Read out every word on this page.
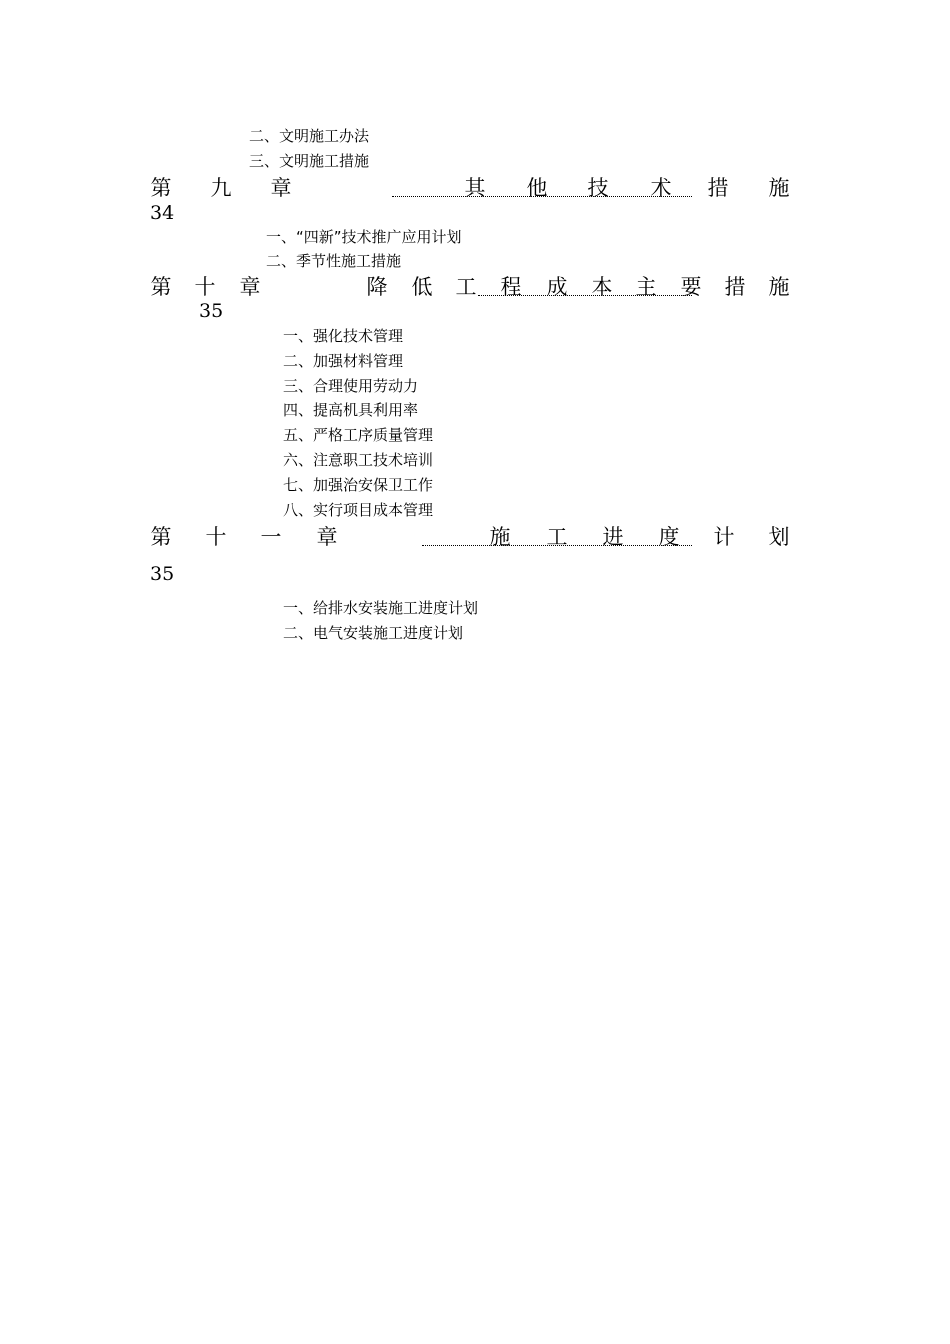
二、文明施工办法
三、文明施工措施
第 九 章	其 他 技 术 措 施
34
一、“四新”技术推广应用计划
二、季节性施工措施
第 十 章	降 低 工 程 成 本 主 要 措 施
35
一、强化技术管理
二、加强材料管理
三、合理使用劳动力
四、提高机具利用率
五、严格工序质量管理
六、注意职工技术培训
七、加强治安保卫工作
八、实行项目成本管理
第 十 一 章	施 工 进 度 计 划
35
一、给排水安装施工进度计划
二、电气安装施工进度计划
